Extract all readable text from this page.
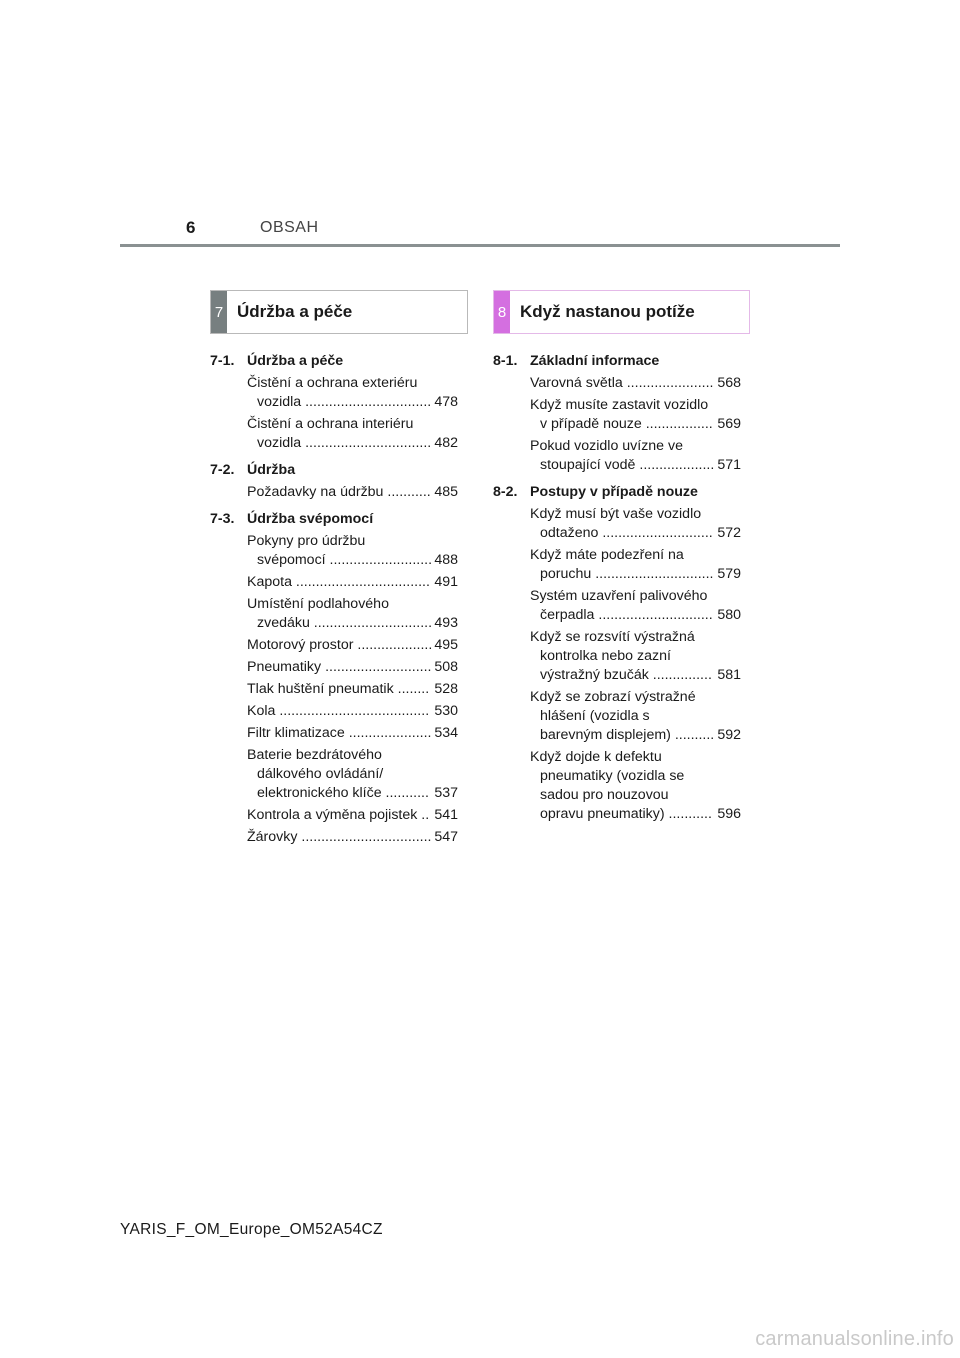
6	OBSAH
7 Údržba a péče	8 Když nastanou potíže
7-1. Údržba a péče
Čistění a ochrana exteriéru vozidla ................................ 478
Čistění a ochrana interiéru vozidla ................................ 482
7-2. Údržba
Požadavky na údržbu ........... 485
7-3. Údržba svépomocí
Pokyny pro údržbu svépomocí .......................... 488
Kapota .................................. 491
Umístění podlahového zvedáku .............................. 493
Motorový prostor ................... 495
Pneumatiky ........................... 508
Tlak huštění pneumatik ........ 528
Kola ...................................... 530
Filtr klimatizace ..................... 534
Baterie bezdrátového dálkového ovládání/ elektronického klíče ........... 537
Kontrola a výměna pojistek .. 541
Žárovky ................................. 547
8-1. Základní informace
Varovná světla ...................... 568
Když musíte zastavit vozidlo v případě nouze ................. 569
Pokud vozidlo uvízne ve stoupající vodě ................... 571
8-2. Postupy v případě nouze
Když musí být vaše vozidlo odtaženo ............................ 572
Když máte podezření na poruchu .............................. 579
Systém uzavření palivového čerpadla ............................. 580
Když se rozsvítí výstražná kontrolka nebo zazní výstražný bzučák ............... 581
Když se zobrazí výstražné hlášení (vozidla s barevným displejem) .......... 592
Když dojde k defektu pneumatiky (vozidla se sadou pro nouzovou opravu pneumatiky) ........... 596
YARIS_F_OM_Europe_OM52A54CZ
carmanualsonline.info
